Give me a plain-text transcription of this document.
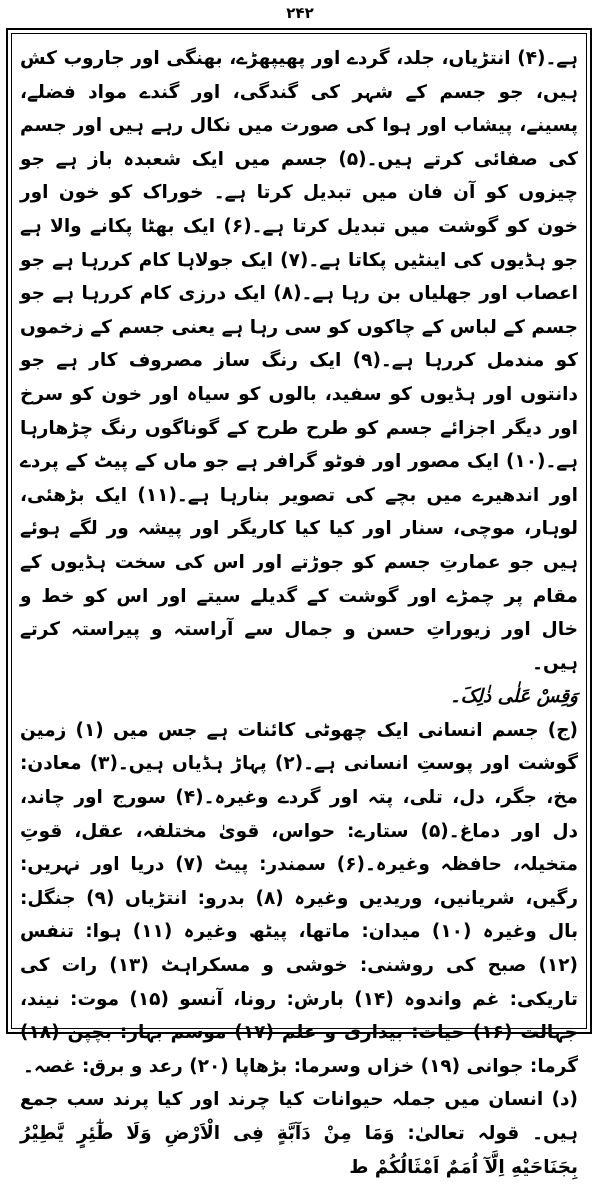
۲۴۲

ہے۔(۴) انتڑیاں، جلد، گردے اور پھیپھڑے، بھنگی اور جاروب کش ہیں، جو جسم کے شہر کی گندگی، اور گندے مواد فضلے، پسینے، پیشاب اور ہوا کی صورت میں نکال رہے ہیں اور جسم کی صفائی کرتے ہیں۔(۵) جسم میں ایک شعبدہ باز ہے جو چیزوں کو آن فان میں تبدیل کرتا ہے۔ خوراک کو خون اور خون کو گوشت میں تبدیل کرتا ہے۔(۶) ایک بھٹا پکانے والا ہے جو ہڈیوں کی اینٹیں پکاتا ہے۔(۷) ایک جولاہا کام کررہا ہے جو اعصاب اور جھلیاں بن رہا ہے۔(۸) ایک درزی کام کررہا ہے جو جسم کے لباس کے چاکوں کو سی رہا ہے یعنی جسم کے زخموں کو مندمل کررہا ہے۔(۹) ایک رنگ ساز مصروف کار ہے جو دانتوں اور ہڈیوں کو سفید، بالوں کو سیاہ اور خون کو سرخ اور دیگر اجزائے جسم کو طرح طرح کے گوناگوں رنگ چڑھارہا ہے۔(۱۰) ایک مصور اور فوٹو گرافر ہے جو ماں کے پیٹ کے پردے اور اندھیرے میں بچے کی تصویر بنارہا ہے۔(۱۱) ایک بڑھئی، لوہار، موچی، سنار اور کیا کیا کاریگر اور پیشہ ور لگے ہوئے ہیں جو عمارتِ جسم کو جوڑتے اور اس کی سخت ہڈیوں کے مقام پر چمڑے اور گوشت کے گدیلے سیتے اور اس کو خط و خال اور زیوراتِ حسن و جمال سے آراستہ و پیراستہ کرتے ہیں۔

وَقِسْ عَلٰی ذٰلِکَ۔

(ج) جسم انسانی ایک چھوٹی کائنات ہے جس میں (۱) زمین گوشت اور پوستِ انسانی ہے۔(۲) پہاڑ ہڈیاں ہیں۔(۳) معادن: مخ، جگر، دل، تلی، پتہ اور گردے وغیرہ۔(۴) سورج اور چاند، دل اور دماغ۔(۵) ستارے: حواس، قویٰ مختلفہ، عقل، قوتِ متخیلہ، حافظہ وغیرہ۔(۶) سمندر: پیٹ (۷) دریا اور نہریں: رگیں، شریانیں، وریدیں وغیرہ (۸) بدرو: انتڑیاں (۹) جنگل: بال وغیرہ (۱۰) میدان: ماتھا، پیٹھ وغیرہ (۱۱) ہوا: تنفس (۱۲) صبح کی روشنی: خوشی و مسکراہٹ (۱۳) رات کی تاریکی: غم واندوہ (۱۴) بارش: رونا، آنسو (۱۵) موت: نیند، جہالت (۱۶) حیات: بیداری و علم (۱۷) موسم بہار: بچپن (۱۸) گرما: جوانی (۱۹) خزاں وسرما: بڑھاپا (۲۰) رعد و برق: غصہ۔

(د) انسان میں جملہ حیوانات کیا چرند اور کیا پرند سب جمع ہیں۔ قولہ تعالیٰ: وَمَا مِنْ دَآبَّةٍ فِی الْاَرْضِ وَلَا طٰٓئِرٍ یَّطِیْرُ بِجَنَاحَیْهِ اِلَّآ اُمَمٌ اَمْثَالُكُمْ ط
